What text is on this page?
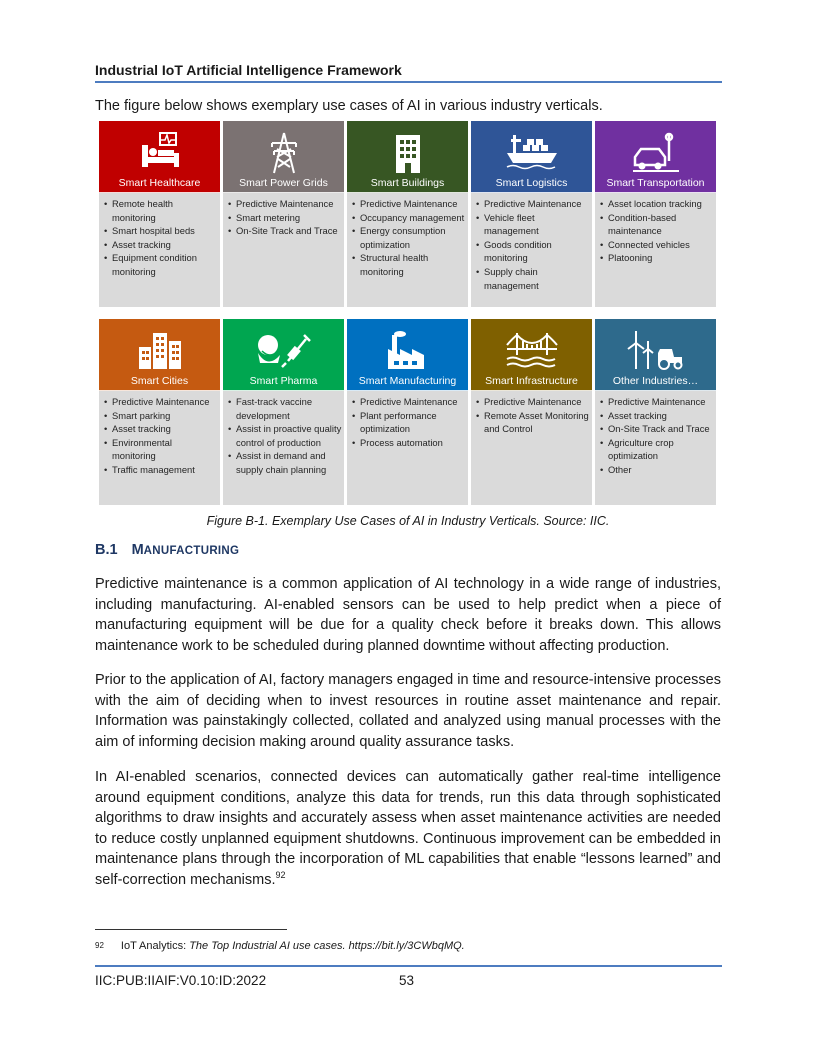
Industrial IoT Artificial Intelligence Framework
The figure below shows exemplary use cases of AI in various industry verticals.
Smart Healthcare
• Remote health monitoring
• Smart hospital beds
• Asset tracking
• Equipment condition monitoring
Smart Power Grids
• Predictive Maintenance
• Smart metering
• On-Site Track and Trace
Smart Buildings
• Predictive Maintenance
• Occupancy management
• Energy consumption optimization
• Structural health monitoring
Smart Logistics
• Predictive Maintenance
• Vehicle fleet management
• Goods condition monitoring
• Supply chain management
Smart Transportation
• Asset location tracking
• Condition-based maintenance
• Connected vehicles
• Platooning
Smart Cities
• Predictive Maintenance
• Smart parking
• Asset tracking
• Environmental monitoring
• Traffic management
Smart Pharma
• Fast-track vaccine development
• Assist in proactive quality control of production
• Assist in demand and supply chain planning
Smart Manufacturing
• Predictive Maintenance
• Plant performance optimization
• Process automation
Smart Infrastructure
• Predictive Maintenance
• Remote Asset Monitoring and Control
Other Industries…
• Predictive Maintenance
• Asset tracking
• On-Site Track and Trace
• Agriculture crop optimization
• Other
Figure B-1. Exemplary Use Cases of AI in Industry Verticals. Source: IIC.
B.1 MANUFACTURING
Predictive maintenance is a common application of AI technology in a wide range of industries, including manufacturing. AI-enabled sensors can be used to help predict when a piece of manufacturing equipment will be due for a quality check before it breaks down. This allows maintenance work to be scheduled during planned downtime without affecting production.
Prior to the application of AI, factory managers engaged in time and resource-intensive processes with the aim of deciding when to invest resources in routine asset maintenance and repair. Information was painstakingly collected, collated and analyzed using manual processes with the aim of informing decision making around quality assurance tasks.
In AI-enabled scenarios, connected devices can automatically gather real-time intelligence around equipment conditions, analyze this data for trends, run this data through sophisticated algorithms to draw insights and accurately assess when asset maintenance activities are needed to reduce costly unplanned equipment shutdowns. Continuous improvement can be embedded in maintenance plans through the incorporation of ML capabilities that enable “lessons learned” and self-correction mechanisms.$^{92}$
$^{92}$ IoT Analytics: The Top Industrial AI use cases. https://bit.ly/3CWbqMQ.
IIC:PUB:IIAIF:V0.10:ID:2022	53
